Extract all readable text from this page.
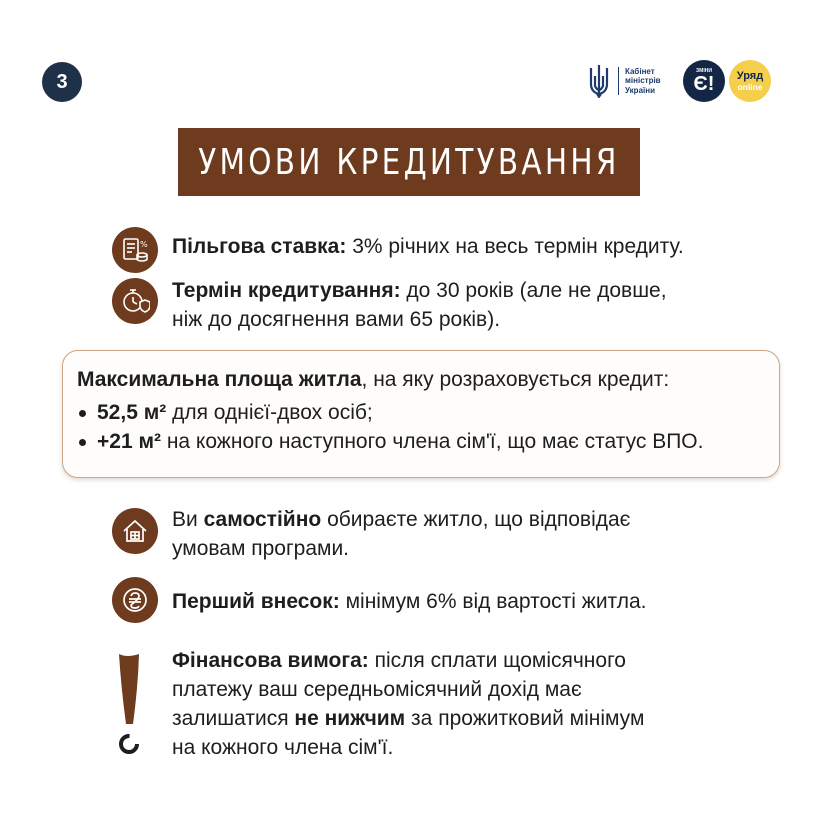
3	Кабінет
міністрів
України
ЗМІНИ
Є! Уряд
online
УМОВИ КРЕДИТУВАННЯ
% Пільгова ставка: 3% річних на весь термін кредиту.
Термін кредитування: до 30 років (але не довше,
ніж до досягнення вами 65 років).
Максимальна площа житла, на яку розраховується кредит:
52,5 м² для однієї-двох осіб;
+21 м² на кожного наступного члена сім'ї, що має статус ВПО.
Ви самостійно обираєте житло, що відповідає
умовам програми.
Перший внесок: мінімум 6% від вартості житла.
Фінансова вимога: після сплати щомісячного
платежу ваш середньомісячний дохід має
залишатися не нижчим за прожитковий мінімум
на кожного члена сім'ї.
